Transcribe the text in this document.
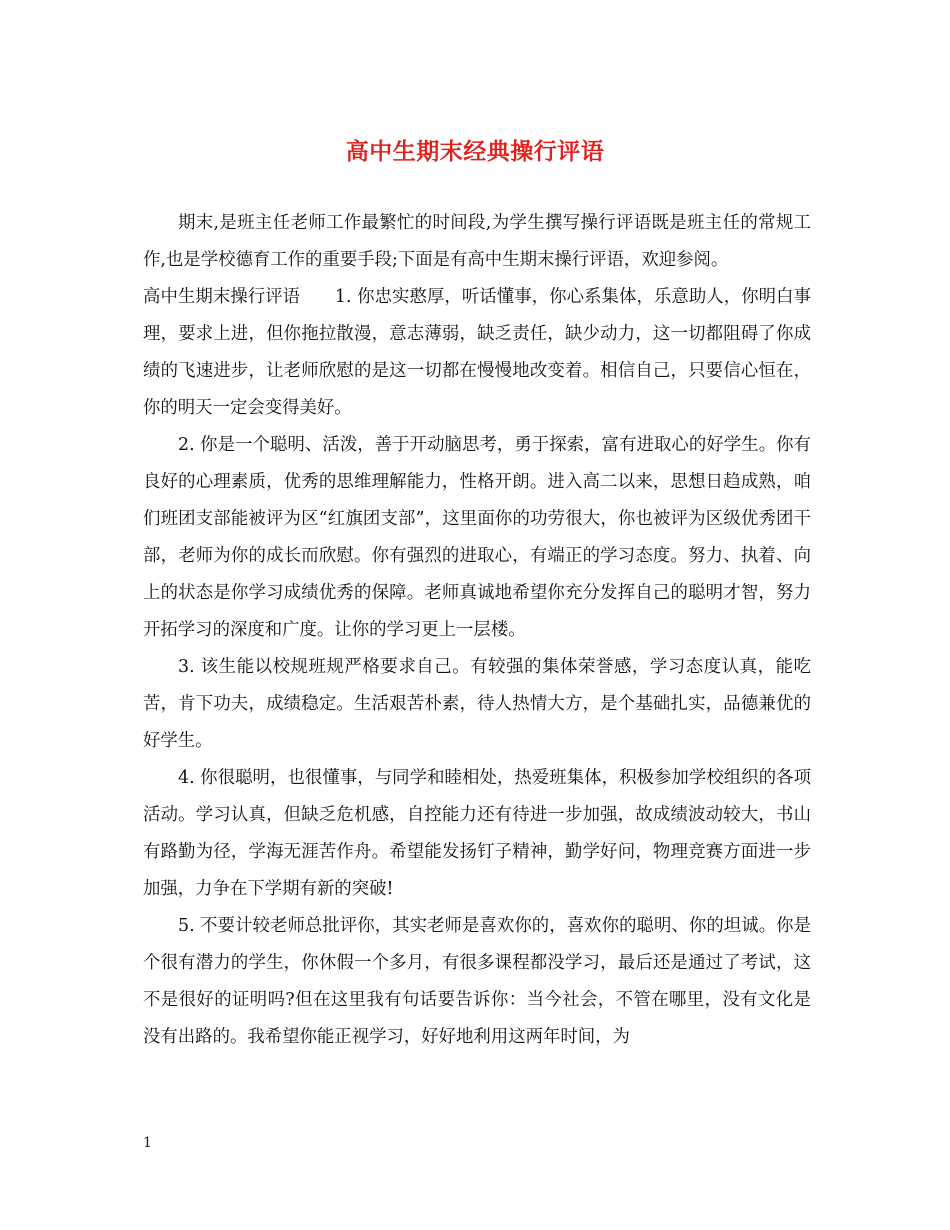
高中生期末经典操行评语

期末,是班主任老师工作最繁忙的时间段,为学生撰写操行评语既是班主任的常规工作,也是学校德育工作的重要手段;下面是有高中生期末操行评语，欢迎参阅。

高中生期末操行评语   1. 你忠实憨厚，听话懂事，你心系集体，乐意助人，你明白事理，要求上进，但你拖拉散漫，意志薄弱，缺乏责任，缺少动力，这一切都阻碍了你成绩的飞速进步，让老师欣慰的是这一切都在慢慢地改变着。相信自己，只要信心恒在，你的明天一定会变得美好。

2. 你是一个聪明、活泼，善于开动脑思考，勇于探索，富有进取心的好学生。你有良好的心理素质，优秀的思维理解能力，性格开朗。进入高二以来，思想日趋成熟，咱们班团支部能被评为区“红旗团支部”，这里面你的功劳很大，你也被评为区级优秀团干部，老师为你的成长而欣慰。你有强烈的进取心，有端正的学习态度。努力、执着、向上的状态是你学习成绩优秀的保障。老师真诚地希望你充分发挥自己的聪明才智，努力开拓学习的深度和广度。让你的学习更上一层楼。

3. 该生能以校规班规严格要求自己。有较强的集体荣誉感，学习态度认真，能吃苦，肯下功夫，成绩稳定。生活艰苦朴素，待人热情大方，是个基础扎实，品德兼优的好学生。

4. 你很聪明，也很懂事，与同学和睦相处，热爱班集体，积极参加学校组织的各项活动。学习认真，但缺乏危机感，自控能力还有待进一步加强，故成绩波动较大，书山有路勤为径，学海无涯苦作舟。希望能发扬钉子精神，勤学好问，物理竞赛方面进一步加强，力争在下学期有新的突破!

5. 不要计较老师总批评你，其实老师是喜欢你的，喜欢你的聪明、你的坦诚。你是个很有潜力的学生，你休假一个多月，有很多课程都没学习，最后还是通过了考试，这不是很好的证明吗?但在这里我有句话要告诉你：当今社会，不管在哪里，没有文化是没有出路的。我希望你能正视学习，好好地利用这两年时间，为

1
